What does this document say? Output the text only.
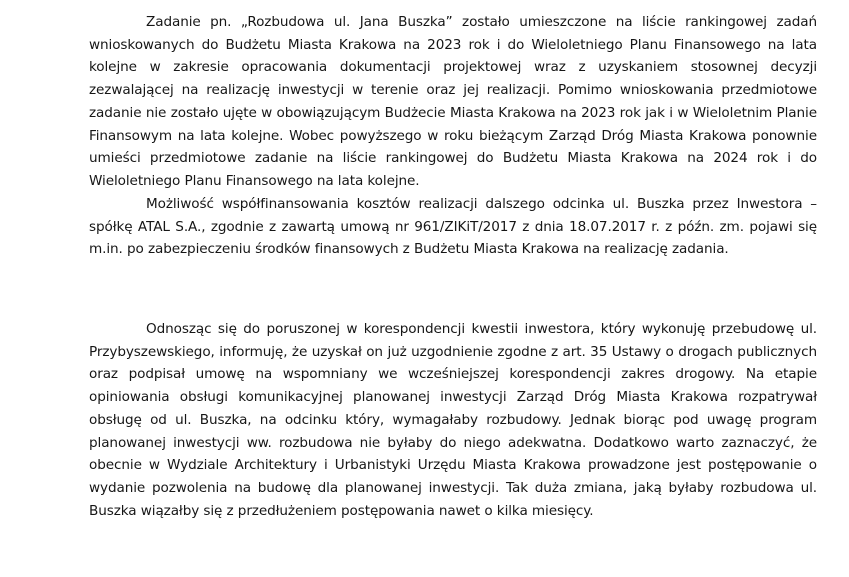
Zadanie pn. „Rozbudowa ul. Jana Buszka” zostało umieszczone na liście rankingowej zadań wnioskowanych do Budżetu Miasta Krakowa na 2023 rok i do Wieloletniego Planu Finansowego na lata kolejne w zakresie opracowania dokumentacji projektowej wraz z uzyskaniem stosownej decyzji zezwalającej na realizację inwestycji w terenie oraz jej realizacji. Pomimo wnioskowania przedmiotowe zadanie nie zostało ujęte w obowiązującym Budżecie Miasta Krakowa na 2023 rok jak i w Wieloletnim Planie Finansowym na lata kolejne. Wobec powyższego w roku bieżącym Zarząd Dróg Miasta Krakowa ponownie umieści przedmiotowe zadanie na liście rankingowej do Budżetu Miasta Krakowa na 2024 rok i do Wieloletniego Planu Finansowego na lata kolejne.

Możliwość współfinansowania kosztów realizacji dalszego odcinka ul. Buszka przez Inwestora – spółkę ATAL S.A., zgodnie z zawartą umową nr 961/ZIKiT/2017 z dnia 18.07.2017 r. z późn. zm. pojawi się m.in. po zabezpieczeniu środków finansowych z Budżetu Miasta Krakowa na realizację zadania.

Odnosząc się do poruszonej w korespondencji kwestii inwestora, który wykonuję przebudowę ul. Przybyszewskiego, informuję, że uzyskał on już uzgodnienie zgodne z art. 35 Ustawy o drogach publicznych oraz podpisał umowę na wspomniany we wcześniejszej korespondencji zakres drogowy. Na etapie opiniowania obsługi komunikacyjnej planowanej inwestycji Zarząd Dróg Miasta Krakowa rozpatrywał obsługę od ul. Buszka, na odcinku który, wymagałaby rozbudowy. Jednak biorąc pod uwagę program planowanej inwestycji ww. rozbudowa nie byłaby do niego adekwatna. Dodatkowo warto zaznaczyć, że obecnie w Wydziale Architektury i Urbanistyki Urzędu Miasta Krakowa prowadzone jest postępowanie o wydanie pozwolenia na budowę dla planowanej inwestycji. Tak duża zmiana, jaką byłaby rozbudowa ul. Buszka wiązałby się z przedłużeniem postępowania nawet o kilka miesięcy.
